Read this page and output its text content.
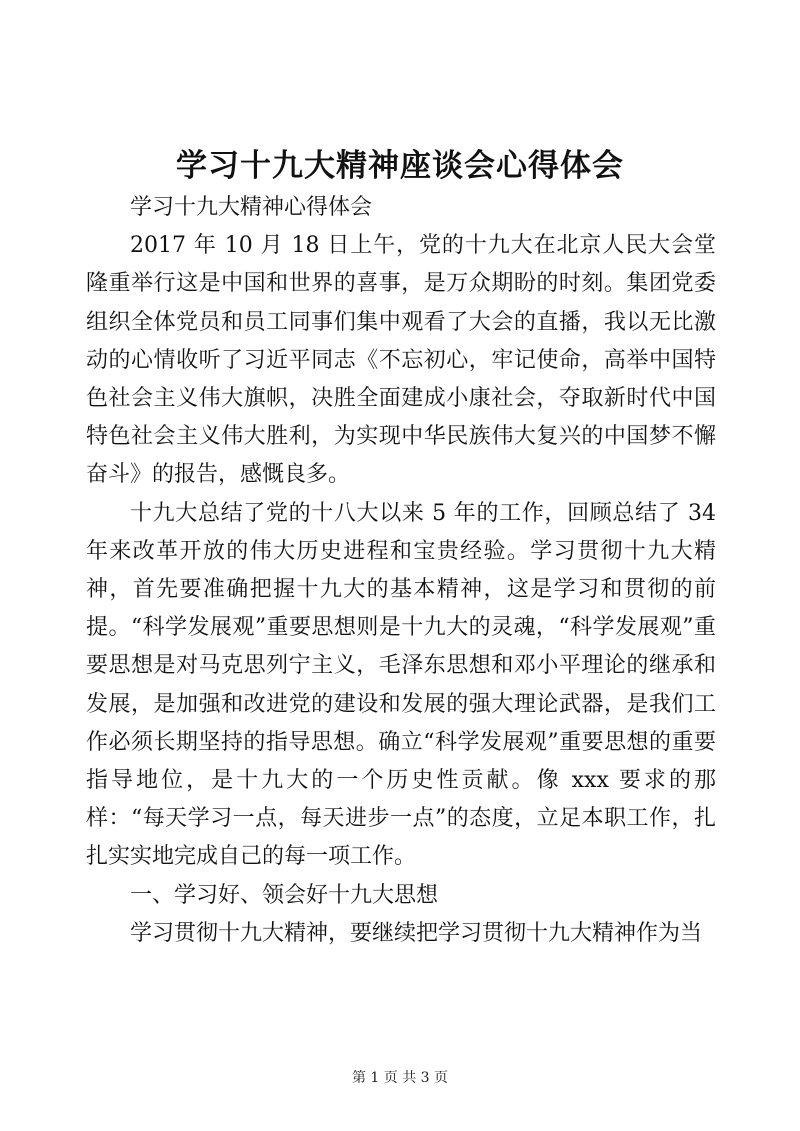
学习十九大精神座谈会心得体会

学习十九大精神心得体会

2017 年 10 月 18 日上午，党的十九大在北京人民大会堂隆重举行这是中国和世界的喜事，是万众期盼的时刻。集团党委组织全体党员和员工同事们集中观看了大会的直播，我以无比激动的心情收听了习近平同志《不忘初心，牢记使命，高举中国特色社会主义伟大旗帜，决胜全面建成小康社会，夺取新时代中国特色社会主义伟大胜利，为实现中华民族伟大复兴的中国梦不懈奋斗》的报告，感慨良多。

十九大总结了党的十八大以来 5 年的工作，回顾总结了 34 年来改革开放的伟大历史进程和宝贵经验。学习贯彻十九大精神，首先要准确把握十九大的基本精神，这是学习和贯彻的前提。“科学发展观”重要思想则是十九大的灵魂，“科学发展观”重要思想是对马克思列宁主义，毛泽东思想和邓小平理论的继承和发展，是加强和改进党的建设和发展的强大理论武器，是我们工作必须长期坚持的指导思想。确立“科学发展观”重要思想的重要指导地位，是十九大的一个历史性贡献。像 xxx 要求的那样：“每天学习一点，每天进步一点”的态度，立足本职工作，扎扎实实地完成自己的每一项工作。

一、学习好、领会好十九大思想

学习贯彻十九大精神，要继续把学习贯彻十九大精神作为当

第 1 页 共 3 页
